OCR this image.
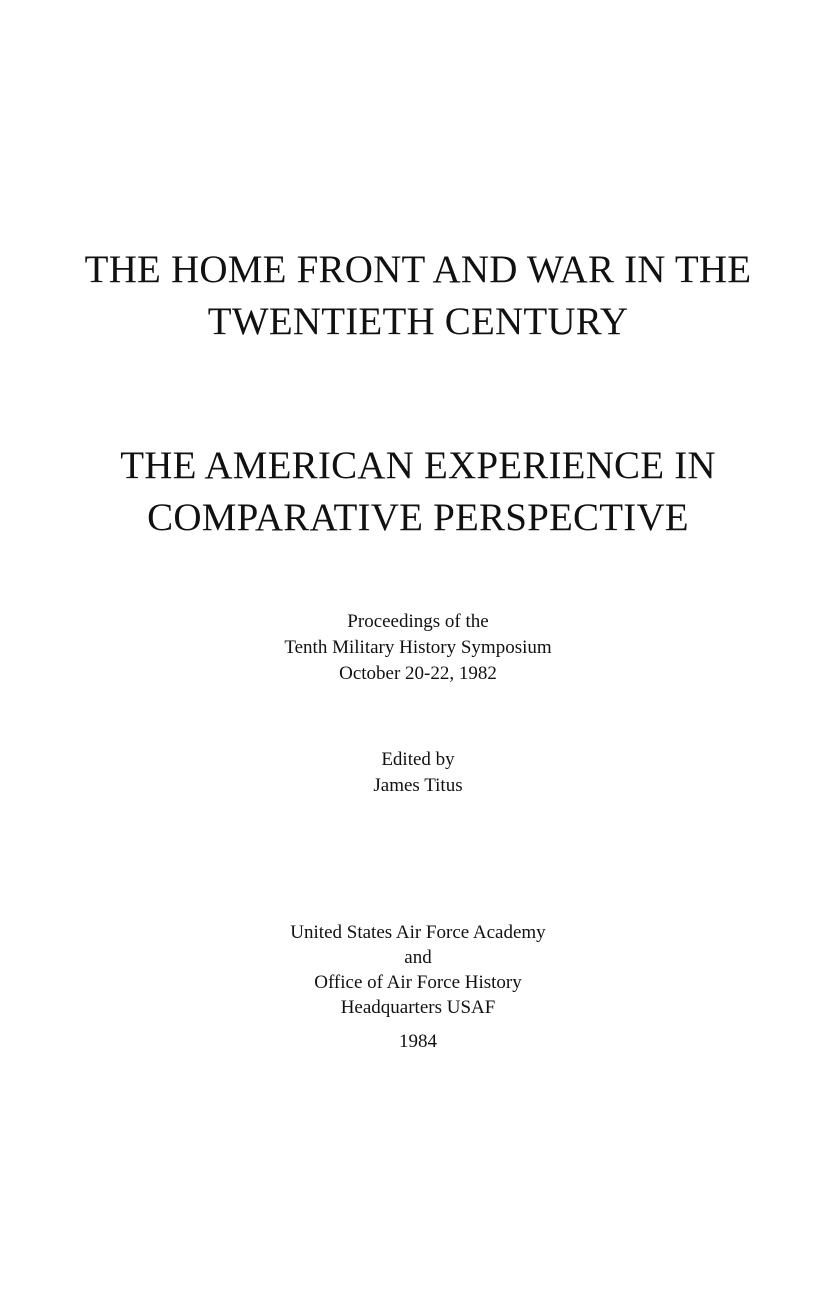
THE HOME FRONT AND WAR IN THE
TWENTIETH CENTURY
THE AMERICAN EXPERIENCE IN
COMPARATIVE PERSPECTIVE
Proceedings of the
Tenth Military History Symposium
October 20-22, 1982
Edited by
James Titus
United States Air Force Academy
and
Office of Air Force History
Headquarters USAF
1984
